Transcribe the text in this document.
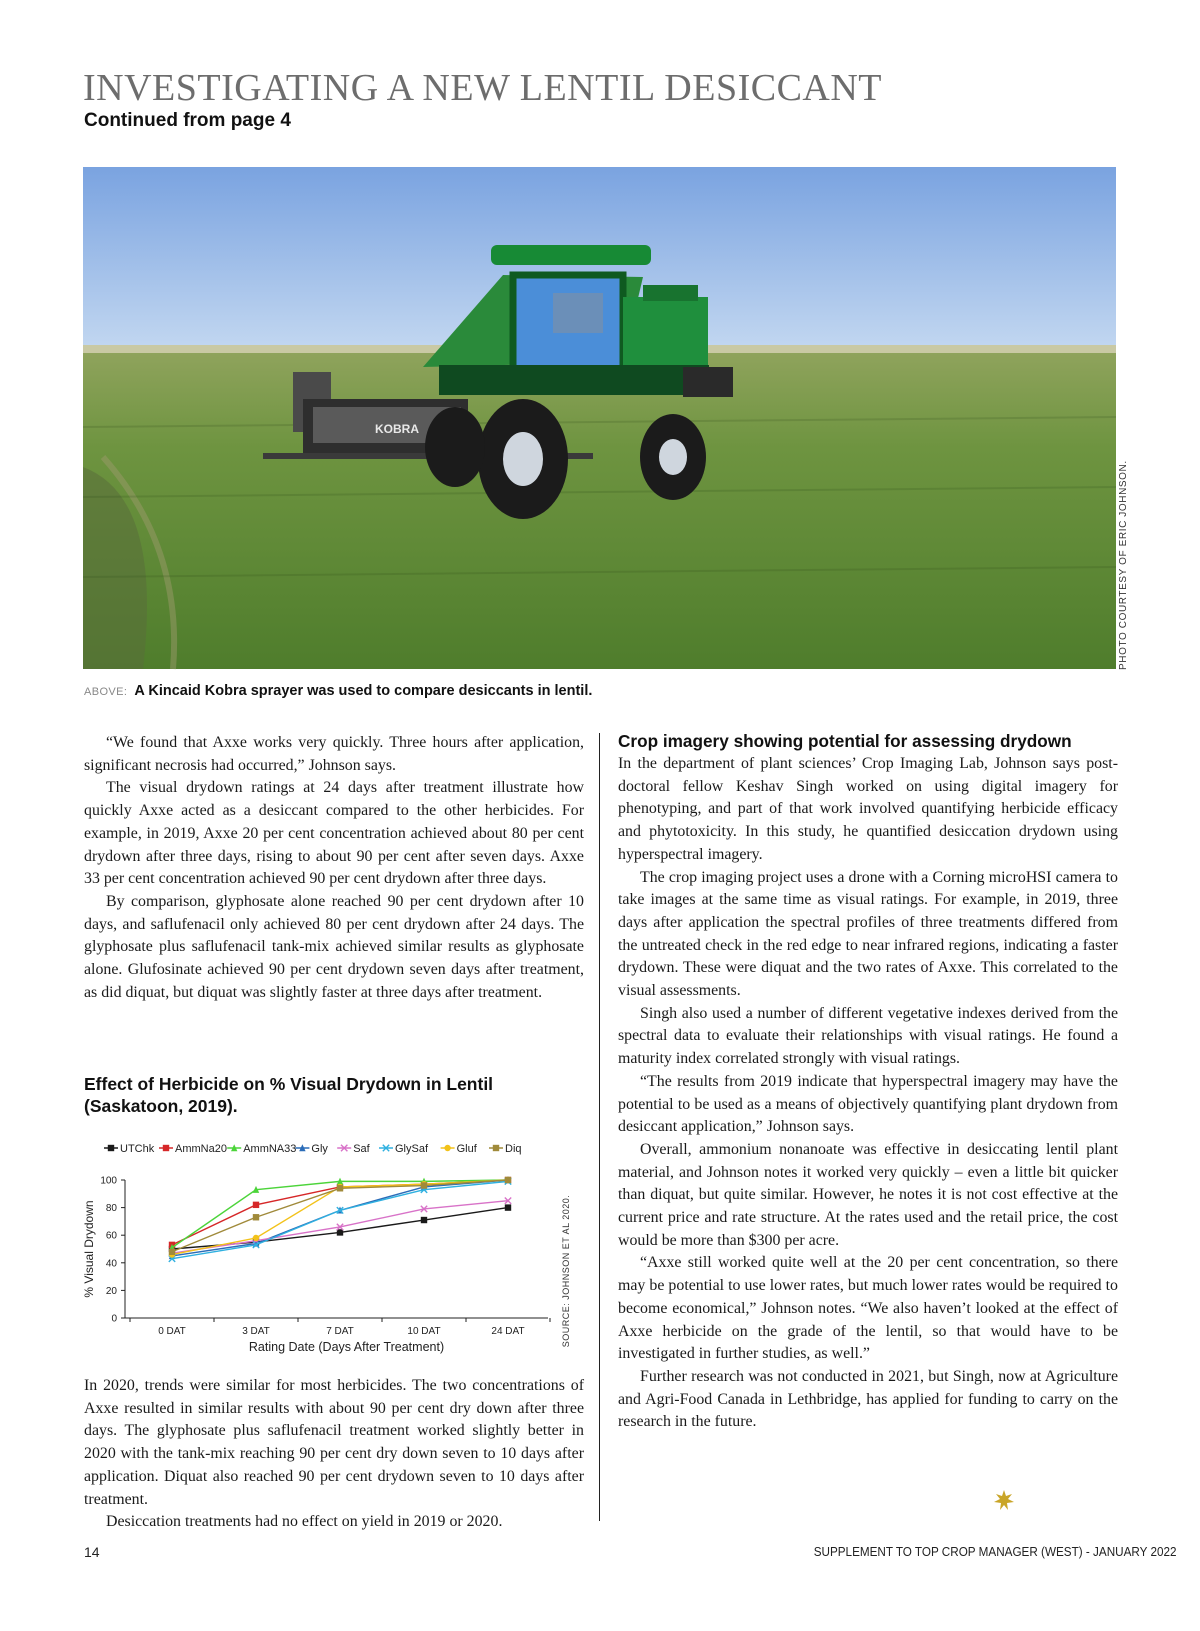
INVESTIGATING A NEW LENTIL DESICCANT
Continued from page 4
KOBRA
PHOTO COURTESY OF ERIC JOHNSON.
ABOVE: A Kincaid Kobra sprayer was used to compare desiccants in lentil.

“We found that Axxe works very quickly. Three hours after application, significant necrosis had occurred,” Johnson says.

The visual drydown ratings at 24 days after treatment illustrate how quickly Axxe acted as a desiccant compared to the other herbicides. For example, in 2019, Axxe 20 per cent concentration achieved about 80 per cent drydown after three days, rising to about 90 per cent after seven days. Axxe 33 per cent concentration achieved 90 per cent drydown after three days.

By comparison, glyphosate alone reached 90 per cent drydown after 10 days, and saflufenacil only achieved 80 per cent drydown after 24 days. The glyphosate plus saflufenacil tank-mix achieved similar results as glyphosate alone. Glufosinate achieved 90 per cent drydown seven days after treatment, as did diquat, but diquat was slightly faster at three days after treatment.

Effect of Herbicide on % Visual Drydown in Lentil (Saskatoon, 2019).
0
20
40
60
80
100
0 DAT	3 DAT	7 DAT	10 DAT	24 DAT
% Visual Drydown
Rating Date (Days After Treatment)	SOURCE: JOHNSON ET AL 2020.
UTChk AmmNa20 AmmNA33 Gly Saf GlySaf	Gluf	Diq

In 2020, trends were similar for most herbicides. The two concentrations of Axxe resulted in similar results with about 90 per cent dry down after three days. The glyphosate plus saflufenacil treatment worked slightly better in 2020 with the tank-mix reaching 90 per cent dry down seven to 10 days after application. Diquat also reached 90 per cent drydown seven to 10 days after treatment.

Desiccation treatments had no effect on yield in 2019 or 2020.

Crop imagery showing potential for assessing drydown

In the department of plant sciences’ Crop Imaging Lab, Johnson says post-doctoral fellow Keshav Singh worked on using digital imagery for phenotyping, and part of that work involved quantifying herbicide efficacy and phytotoxicity. In this study, he quantified desiccation drydown using hyperspectral imagery.

The crop imaging project uses a drone with a Corning microHSI camera to take images at the same time as visual ratings. For example, in 2019, three days after application the spectral profiles of three treatments differed from the untreated check in the red edge to near infrared regions, indicating a faster drydown. These were diquat and the two rates of Axxe. This correlated to the visual assessments.

Singh also used a number of different vegetative indexes derived from the spectral data to evaluate their relationships with visual ratings. He found a maturity index correlated strongly with visual ratings.

“The results from 2019 indicate that hyperspectral imagery may have the potential to be used as a means of objectively quantifying plant drydown from desiccant application,” Johnson says.

Overall, ammonium nonanoate was effective in desiccating lentil plant material, and Johnson notes it worked very quickly – even a little bit quicker than diquat, but quite similar. However, he notes it is not cost effective at the current price and rate structure. At the rates used and the retail price, the cost would be more than $300 per acre.

“Axxe still worked quite well at the 20 per cent concentration, so there may be potential to use lower rates, but much lower rates would be required to become economical,” Johnson notes. “We also haven’t looked at the effect of Axxe herbicide on the grade of the lentil, so that would have to be investigated in further studies, as well.”

Further research was not conducted in 2021, but Singh, now at Agriculture and Agri-Food Canada in Lethbridge, has applied for funding to carry on the research in the future.

14	SUPPLEMENT TO TOP CROP MANAGER (WEST) - JANUARY 2022
